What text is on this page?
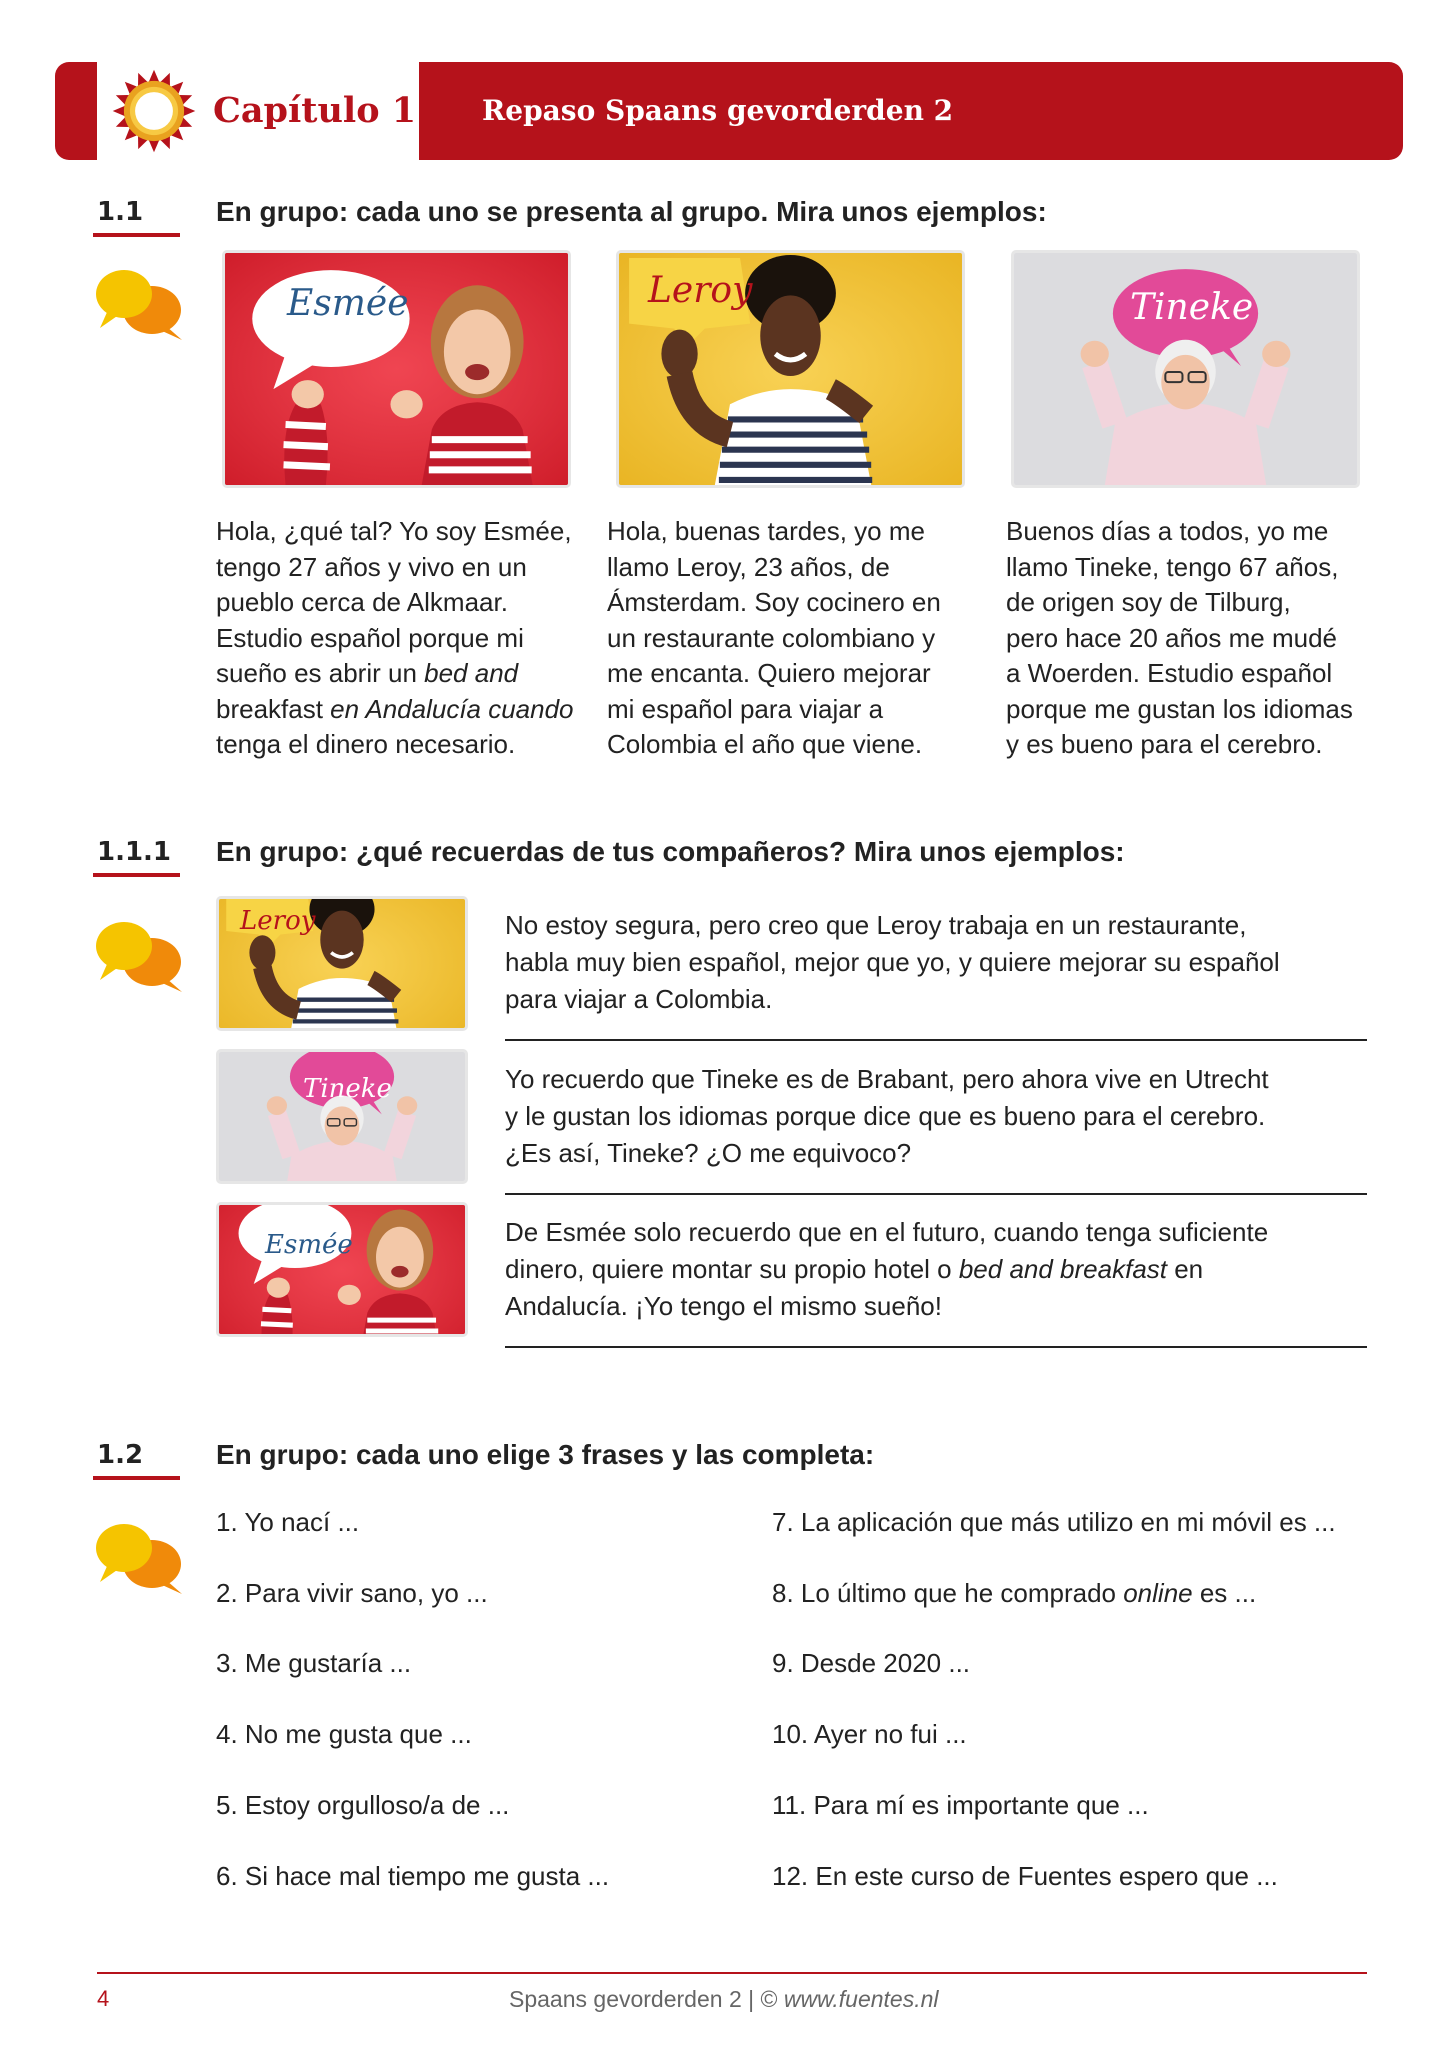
Capítulo 1 Repaso Spaans gevorderden 2
1.1	En grupo: cada uno se presenta al grupo. Mira unos ejemplos:
Esmée	Leroy	Tineke
Hola, ¿qué tal? Yo soy Esmée,
tengo 27 años y vivo en un
pueblo cerca de Alkmaar.
Estudio español porque mi
sueño es abrir un bed and
breakfast en Andalucía cuando
tenga el dinero necesario.
Hola, buenas tardes, yo me
llamo Leroy, 23 años, de
Ámsterdam. Soy cocinero en
un restaurante colombiano y
me encanta. Quiero mejorar
mi español para viajar a
Colombia el año que viene.
Buenos días a todos, yo me
llamo Tineke, tengo 67 años,
de origen soy de Tilburg,
pero hace 20 años me mudé
a Woerden. Estudio español
porque me gustan los idiomas
y es bueno para el cerebro.
1.1.1 En grupo: ¿qué recuerdas de tus compañeros? Mira unos ejemplos:
Leroy	No estoy segura, pero creo que Leroy trabaja en un restaurante,
habla muy bien español, mejor que yo, y quiere mejorar su español
para viajar a Colombia.
Tineke	Yo recuerdo que Tineke es de Brabant, pero ahora vive en Utrecht
y le gustan los idiomas porque dice que es bueno para el cerebro.
¿Es así, Tineke? ¿O me equivoco?
Esmée	De Esmée solo recuerdo que en el futuro, cuando tenga suficiente
dinero, quiere montar su propio hotel o bed and breakfast en
Andalucía. ¡Yo tengo el mismo sueño!
1.2	En grupo: cada uno elige 3 frases y las completa:
1. Yo nací ...
2. Para vivir sano, yo ...
3. Me gustaría ...
4. No me gusta que ...
5. Estoy orgulloso/a de ...
6. Si hace mal tiempo me gusta ...
7. La aplicación que más utilizo en mi móvil es ...
8. Lo último que he comprado online es ...
9. Desde 2020 ...
10. Ayer no fui ...
11. Para mí es importante que ...
12. En este curso de Fuentes espero que ...
4	Spaans gevorderden 2 | © www.fuentes.nl
